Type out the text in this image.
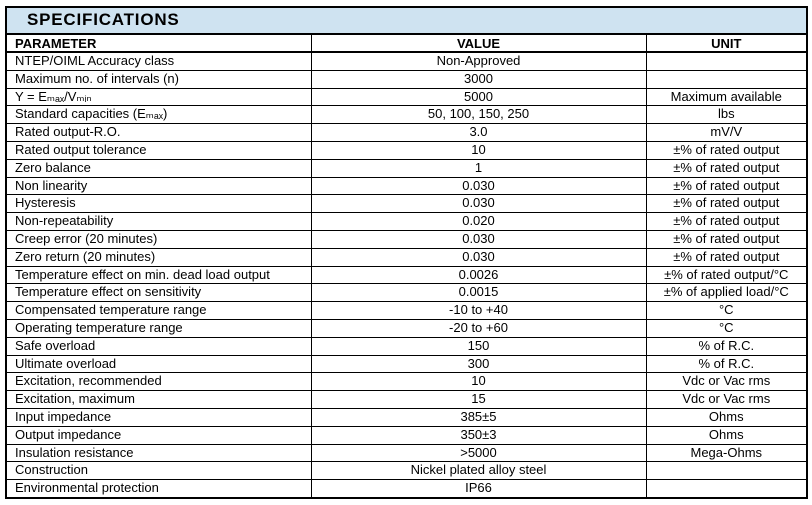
SPECIFICATIONS		
PARAMETER	VALUE	UNIT
NTEP/OIML Accuracy class	Non-Approved	
Maximum no. of intervals (n)	3000	
Y = Eₘₐₓ/Vₘᵢₙ	5000	Maximum available
Standard capacities (Eₘₐₓ)	50, 100, 150, 250	lbs
Rated output-R.O.	3.0	mV/V
Rated output tolerance	10	±% of rated output
Zero balance	1	±% of rated output
Non linearity	0.030	±% of rated output
Hysteresis	0.030	±% of rated output
Non-repeatability	0.020	±% of rated output
Creep error (20 minutes)	0.030	±% of rated output
Zero return (20 minutes)	0.030	±% of rated output
Temperature effect on min. dead load output	0.0026	±% of rated output/°C
Temperature effect on sensitivity	0.0015	±% of applied load/°C
Compensated temperature range	-10 to +40	°C
Operating temperature range	-20 to +60	°C
Safe overload	150	% of R.C.
Ultimate overload	300	% of R.C.
Excitation, recommended	10	Vdc or Vac rms
Excitation, maximum	15	Vdc or Vac rms
Input impedance	385±5	Ohms
Output impedance	350±3	Ohms
Insulation resistance	>5000	Mega-Ohms
Construction	Nickel plated alloy steel	
Environmental protection	IP66	
